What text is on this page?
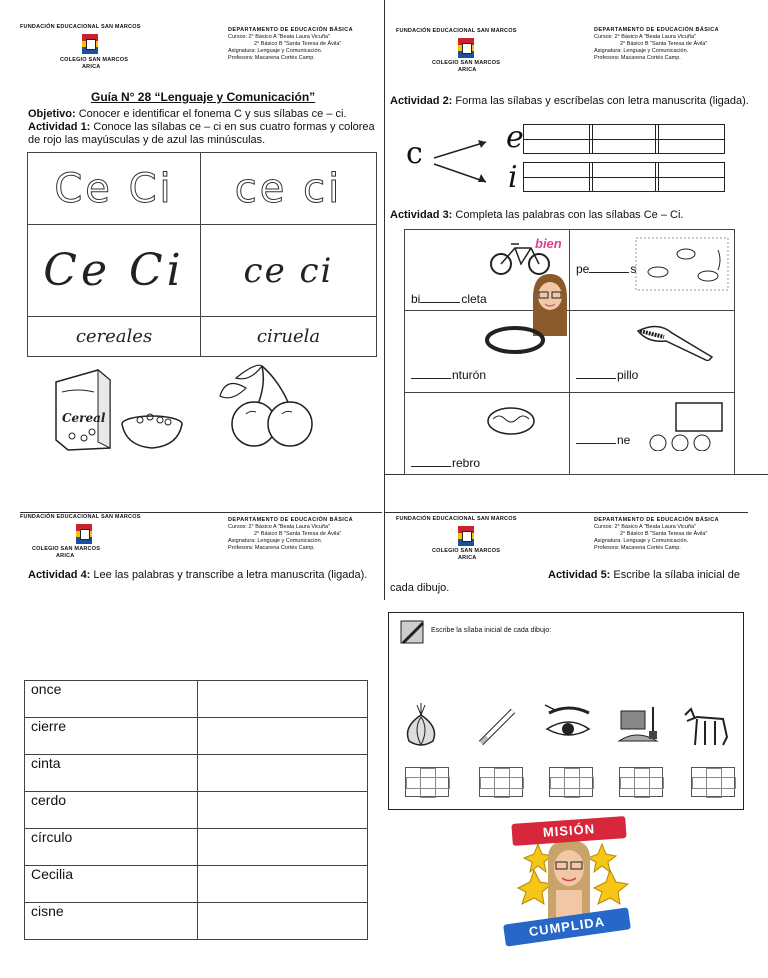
FUNDACIÓN EDUCACIONAL SAN MARCOS
COLEGIO SAN MARCOS
ARICA
DEPARTAMENTO DE EDUCACIÓN BÁSICA
Cursos: 2° Básico A "Beata Laura Vicuña"
2° Básico B "Santa Teresa de Ávila"
Asignatura: Lenguaje y Comunicación.
Profesora: Macarena Cortés Camp.
Guía N° 28 “Lenguaje y Comunicación”
Objetivo: Conocer e identificar el fonema C y sus sílabas ce – ci.
Actividad 1: Conoce las sílabas ce – ci en sus cuatro formas y colorea de rojo las mayúsculas y de azul las minúsculas.
Ce Ci	ce ci
Ce Ci	ce ci
cereales	ciruela
Cereal
FUNDACIÓN EDUCACIONAL SAN MARCOS
COLEGIO SAN MARCOS
ARICA
DEPARTAMENTO DE EDUCACIÓN BÁSICA
Cursos: 2° Básico A "Beata Laura Vicuña"
2° Básico B "Santa Teresa de Ávila"
Asignatura: Lenguaje y Comunicación.
Profesora: Macarena Cortés Camp.
Actividad 2: Forma las sílabas y escríbelas con letra manuscrita (ligada).
c	e
i
Actividad 3: Completa las palabras con las sílabas Ce – Ci.
bien
bi cleta	pe s

nturón	pillo

rebro	ne
FUNDACIÓN EDUCACIONAL SAN MARCOS
COLEGIO SAN MARCOS
ARICA
DEPARTAMENTO DE EDUCACIÓN BÁSICA
Cursos: 2° Básico A "Beata Laura Vicuña"
2° Básico B "Santa Teresa de Ávila"
Asignatura: Lenguaje y Comunicación.
Profesora: Macarena Cortés Camp.
Actividad 4: Lee las palabras y transcribe a letra manuscrita (ligada).
once	
cierre	
cinta	
cerdo	
círculo	
Cecilia	
cisne	
FUNDACIÓN EDUCACIONAL SAN MARCOS
COLEGIO SAN MARCOS
ARICA
DEPARTAMENTO DE EDUCACIÓN BÁSICA
Cursos: 2° Básico A "Beata Laura Vicuña"
2° Básico B "Santa Teresa de Ávila"
Asignatura: Lenguaje y Comunicación.
Profesora: Macarena Cortés Camp.
Actividad 5: Escribe la sílaba inicial de cada dibujo.
Escribe la sílaba inicial de cada dibujo:
MISIÓN
CUMPLIDA
